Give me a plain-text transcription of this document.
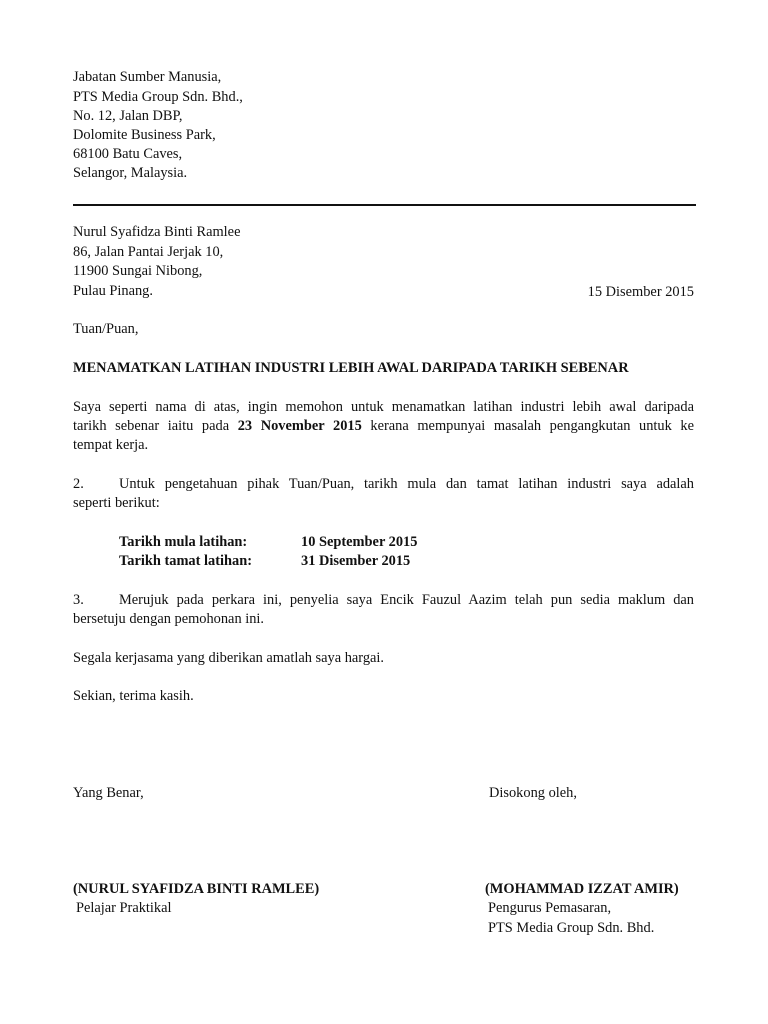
Jabatan Sumber Manusia,
PTS Media Group Sdn. Bhd.,
No. 12, Jalan DBP,
Dolomite Business Park,
68100 Batu Caves,
Selangor, Malaysia.
Nurul Syafidza Binti Ramlee
86, Jalan Pantai Jerjak 10,
11900 Sungai Nibong,
Pulau Pinang.	15 Disember 2015
Tuan/Puan,
MENAMATKAN LATIHAN INDUSTRI LEBIH AWAL DARIPADA TARIKH SEBENAR
Saya seperti nama di atas, ingin memohon untuk menamatkan latihan industri lebih awal daripada
tarikh sebenar iaitu pada 23 November 2015 kerana mempunyai masalah pengangkutan untuk ke
tempat kerja.
2. Untuk pengetahuan pihak Tuan/Puan, tarikh mula dan tamat latihan industri saya adalah
seperti berikut:
Tarikh mula latihan:	10 September 2015
Tarikh tamat latihan:	31 Disember 2015
3. Merujuk pada perkara ini, penyelia saya Encik Fauzul Aazim telah pun sedia maklum dan
bersetuju dengan pemohonan ini.
Segala kerjasama yang diberikan amatlah saya hargai.
Sekian, terima kasih.
Yang Benar,
(NURUL SYAFIDZA BINTI RAMLEE)
Pelajar Praktikal
Disokong oleh,
(MOHAMMAD IZZAT AMIR)
Pengurus Pemasaran,
PTS Media Group Sdn. Bhd.
